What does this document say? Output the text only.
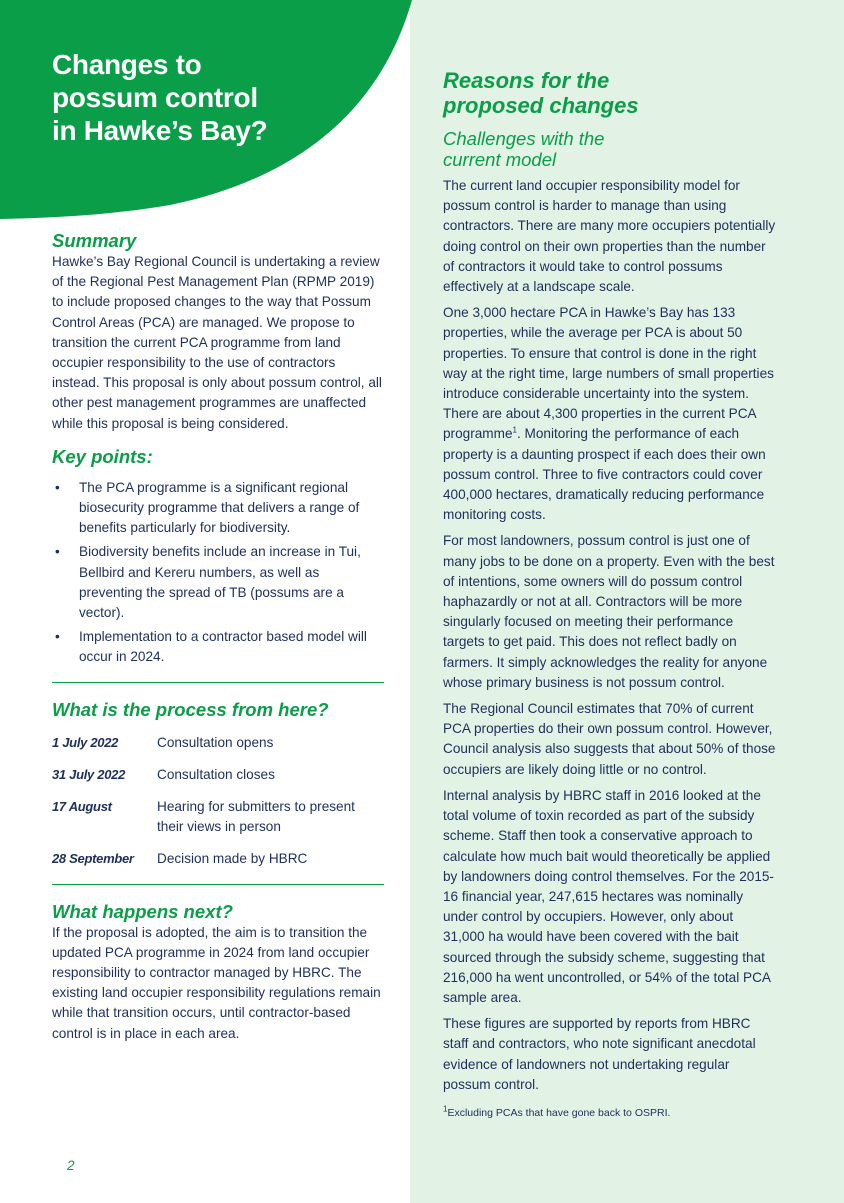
Changes to
possum control
in Hawke’s Bay?
Summary

Hawke’s Bay Regional Council is undertaking a review of the Regional Pest Management Plan (RPMP 2019) to include proposed changes to the way that Possum Control Areas (PCA) are managed. We propose to transition the current PCA programme from land occupier responsibility to the use of contractors instead. This proposal is only about possum control, all other pest management programmes are unaffected while this proposal is being considered.

Key points:
• The PCA programme is a significant regional biosecurity programme that delivers a range of benefits particularly for biodiversity.
• Biodiversity benefits include an increase in Tui, Bellbird and Kereru numbers, as well as preventing the spread of TB (possums are a vector).
• Implementation to a contractor based model will occur in 2024.
What is the process from here?
1 July 2022	Consultation opens
31 July 2022	Consultation closes
17 August	Hearing for submitters to present their views in person
28 September	Decision made by HBRC
What happens next?

If the proposal is adopted, the aim is to transition the updated PCA programme in 2024 from land occupier responsibility to contractor managed by HBRC. The existing land occupier responsibility regulations remain while that transition occurs, until contractor-based control is in place in each area.

2
Reasons for the
proposed changes
Challenges with the
current model

The current land occupier responsibility model for possum control is harder to manage than using contractors. There are many more occupiers potentially doing control on their own properties than the number of contractors it would take to control possums effectively at a landscape scale.

One 3,000 hectare PCA in Hawke’s Bay has 133 properties, while the average per PCA is about 50 properties. To ensure that control is done in the right way at the right time, large numbers of small properties introduce considerable uncertainty into the system. There are about 4,300 properties in the current PCA programme$^1$. Monitoring the performance of each property is a daunting prospect if each does their own possum control. Three to five contractors could cover 400,000 hectares, dramatically reducing performance monitoring costs.

For most landowners, possum control is just one of many jobs to be done on a property. Even with the best of intentions, some owners will do possum control haphazardly or not at all. Contractors will be more singularly focused on meeting their performance targets to get paid. This does not reflect badly on farmers. It simply acknowledges the reality for anyone whose primary business is not possum control.

The Regional Council estimates that 70% of current PCA properties do their own possum control. However, Council analysis also suggests that about 50% of those occupiers are likely doing little or no control.

Internal analysis by HBRC staff in 2016 looked at the total volume of toxin recorded as part of the subsidy scheme. Staff then took a conservative approach to calculate how much bait would theoretically be applied by landowners doing control themselves. For the 2015-16 financial year, 247,615 hectares was nominally under control by occupiers. However, only about 31,000 ha would have been covered with the bait sourced through the subsidy scheme, suggesting that 216,000 ha went uncontrolled, or 54% of the total PCA sample area.

These figures are supported by reports from HBRC staff and contractors, who note significant anecdotal evidence of landowners not undertaking regular possum control.

$^1$Excluding PCAs that have gone back to OSPRI.
